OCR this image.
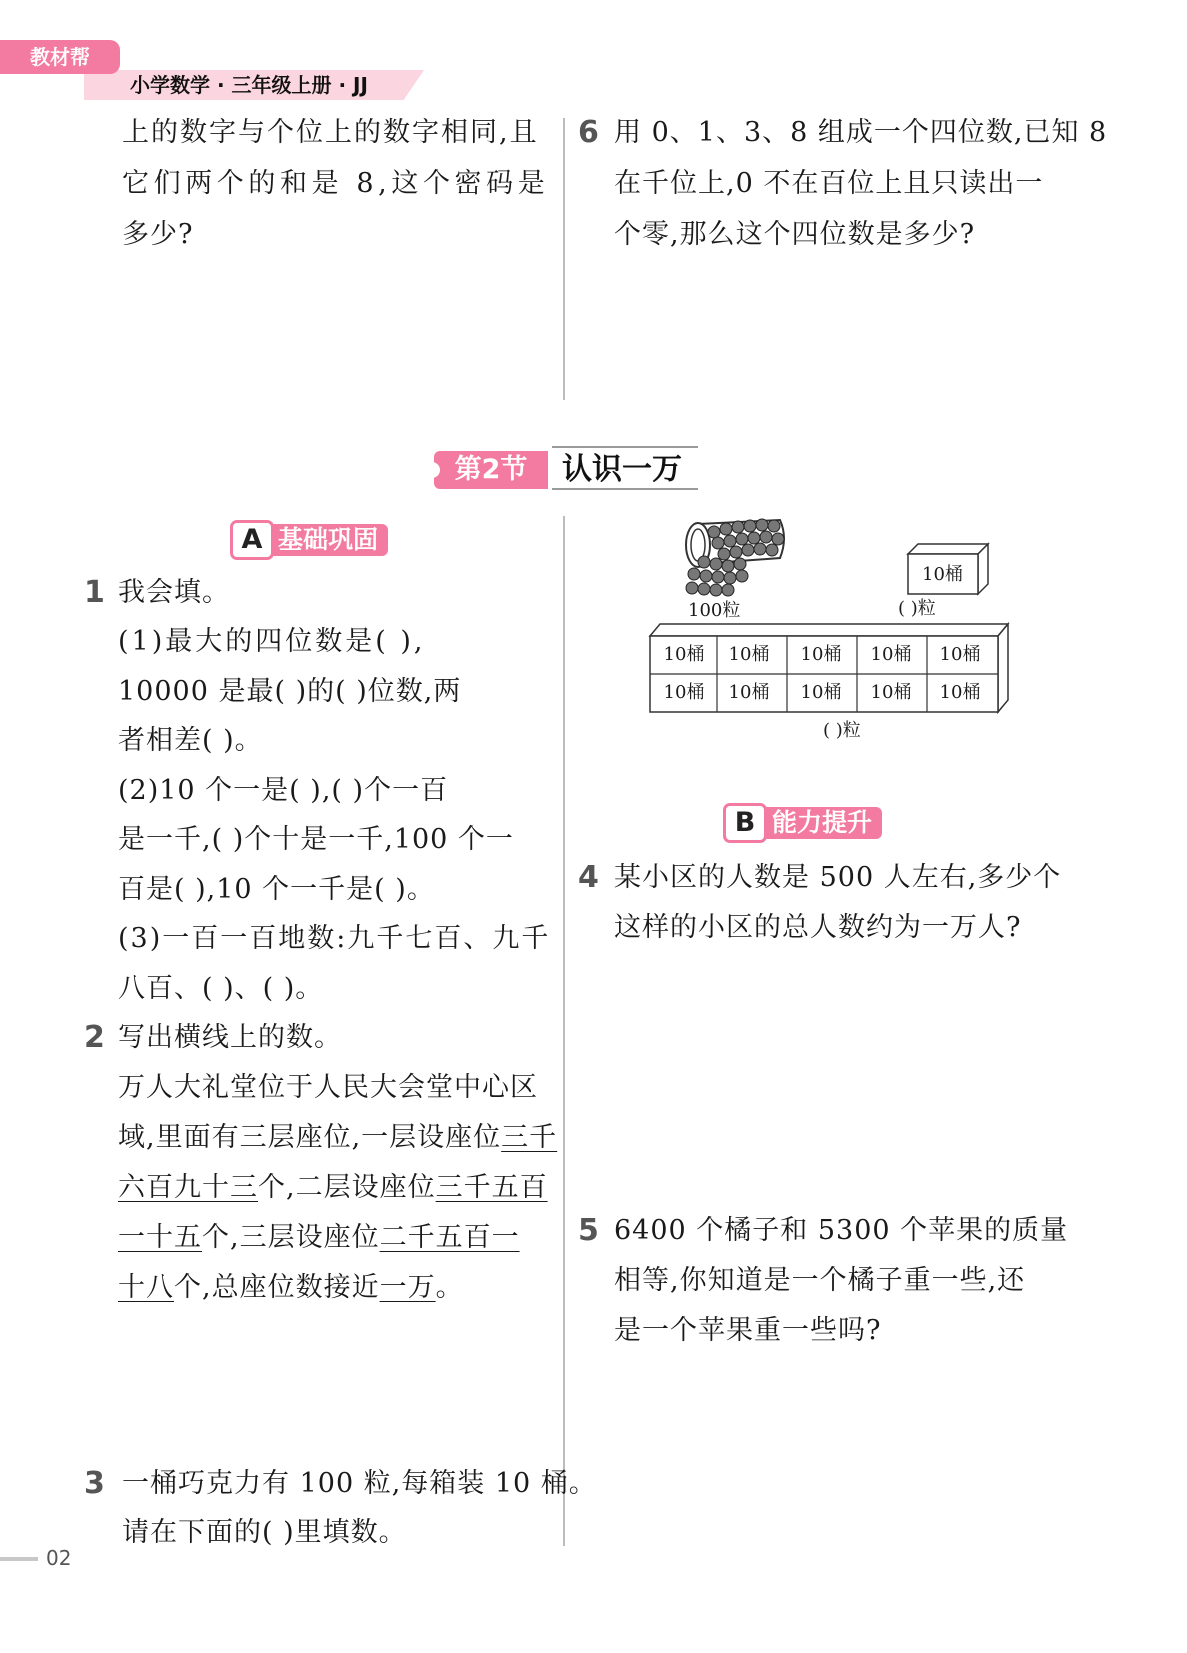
教材帮
小学数学 · 三年级上册 · JJ
上的数字与个位上的数字相同,且
它们两个的和是 8,这个密码是
多少?
6 用 0、1、3、8 组成一个四位数,已知 8
在千位上,0 不在百位上且只读出一
个零,那么这个四位数是多少?
第2节	认识一万
基础巩固
A
1 我会填。
(1)最大的四位数是( ),
10000 是最( )的( )位数,两
者相差( )。
(2)10 个一是( ),( )个一百
是一千,( )个十是一千,100 个一
百是( ),10 个一千是( )。
(3)一百一百地数:九千七百、九千
八百、( )、( )。
2 写出横线上的数。
万人大礼堂位于人民大会堂中心区
域,里面有三层座位,一层设座位三千
六百九十三个,二层设座位三千五百
一十五个,三层设座位二千五百一
十八个,总座位数接近一万。
3 一桶巧克力有 100 粒,每箱装 10 桶。
请在下面的( )里填数。
100粒
10桶
( )粒
10桶	10桶	10桶	10桶	10桶
10桶	10桶	10桶	10桶	10桶
( )粒
能力提升
B
4 某小区的人数是 500 人左右,多少个
这样的小区的总人数约为一万人?
5 6400 个橘子和 5300 个苹果的质量
相等,你知道是一个橘子重一些,还
是一个苹果重一些吗?
02
